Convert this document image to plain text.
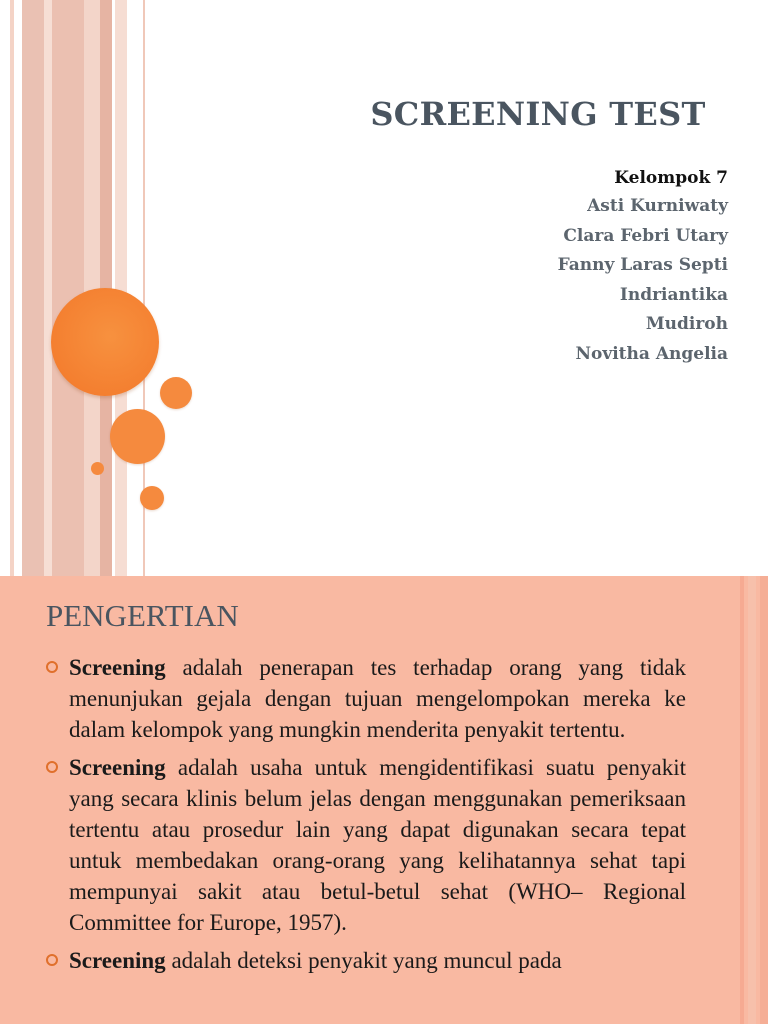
SCREENING TEST
Kelompok 7
Asti Kurniwaty
Clara Febri Utary
Fanny Laras Septi
Indriantika
Mudiroh
Novitha Angelia
PENGERTIAN
Screening adalah penerapan tes terhadap orang yang tidak menunjukan gejala dengan tujuan mengelompokan mereka ke dalam kelompok yang mungkin menderita penyakit tertentu.
Screening adalah usaha untuk mengidentifikasi suatu penyakit yang secara klinis belum jelas dengan menggunakan pemeriksaan tertentu atau prosedur lain yang dapat digunakan secara tepat untuk membedakan orang-orang yang kelihatannya sehat tapi mempunyai sakit atau betul-betul sehat (WHO– Regional Committee for Europe, 1957).
Screening adalah deteksi penyakit yang muncul pada
